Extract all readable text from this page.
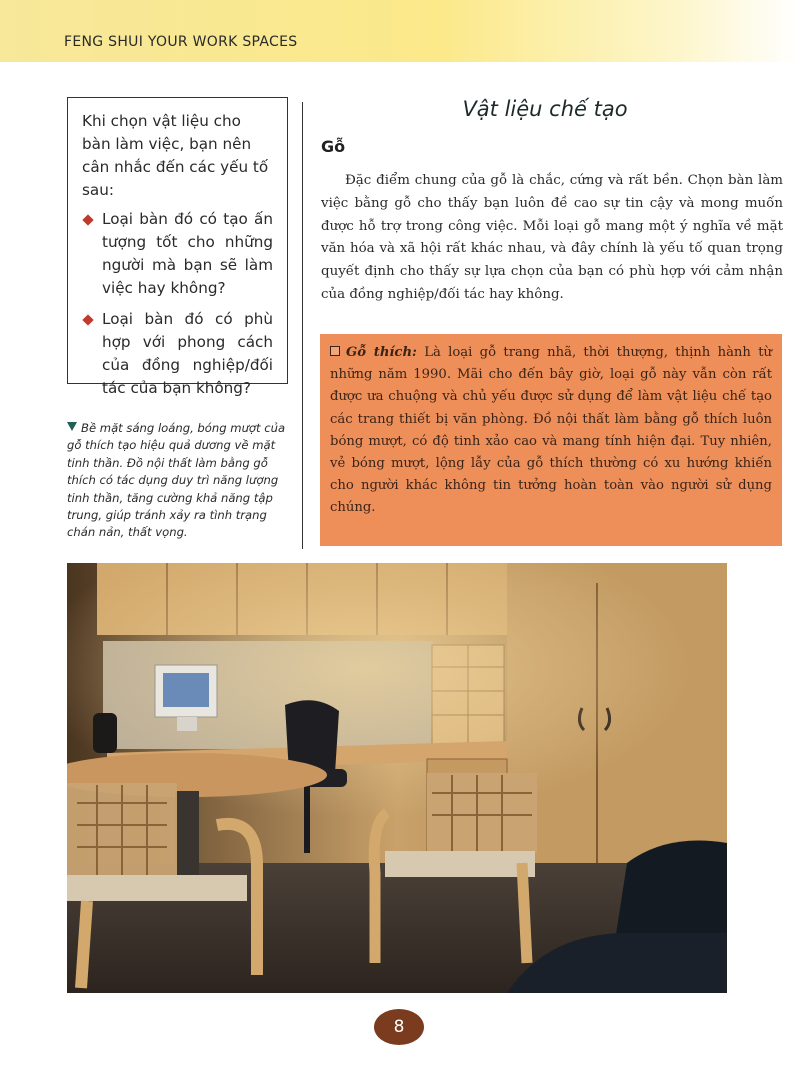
FENG SHUI YOUR WORK SPACES

Khi chọn vật liệu cho bàn làm việc, bạn nên cân nhắc đến các yếu tố sau:

Loại bàn đó có tạo ấn tượng tốt cho những người mà bạn sẽ làm việc hay không?
Loại bàn đó có phù hợp với phong cách của đồng nghiệp/đối tác của bạn không?
Bề mặt sáng loáng, bóng mượt của gỗ thích tạo hiệu quả dương về mặt tinh thần. Đồ nội thất làm bằng gỗ thích có tác dụng duy trì năng lượng tinh thần, tăng cường khả năng tập trung, giúp tránh xảy ra tình trạng chán nản, thất vọng.
Vật liệu chế tạo
Gỗ

Đặc điểm chung của gỗ là chắc, cứng và rất bền. Chọn bàn làm việc bằng gỗ cho thấy bạn luôn đề cao sự tin cậy và mong muốn được hỗ trợ trong công việc. Mỗi loại gỗ mang một ý nghĩa về mặt văn hóa và xã hội rất khác nhau, và đây chính là yếu tố quan trọng quyết định cho thấy sự lựa chọn của bạn có phù hợp với cảm nhận của đồng nghiệp/đối tác hay không.

Gỗ thích: Là loại gỗ trang nhã, thời thượng, thịnh hành từ những năm 1990. Mãi cho đến bây giờ, loại gỗ này vẫn còn rất được ưa chuộng và chủ yếu được sử dụng để làm vật liệu chế tạo các trang thiết bị văn phòng. Đồ nội thất làm bằng gỗ thích luôn bóng mượt, có độ tinh xảo cao và mang tính hiện đại. Tuy nhiên, vẻ bóng mượt, lộng lẫy của gỗ thích thường có xu hướng khiến cho người khác không tin tưởng hoàn toàn vào người sử dụng chúng.
8
